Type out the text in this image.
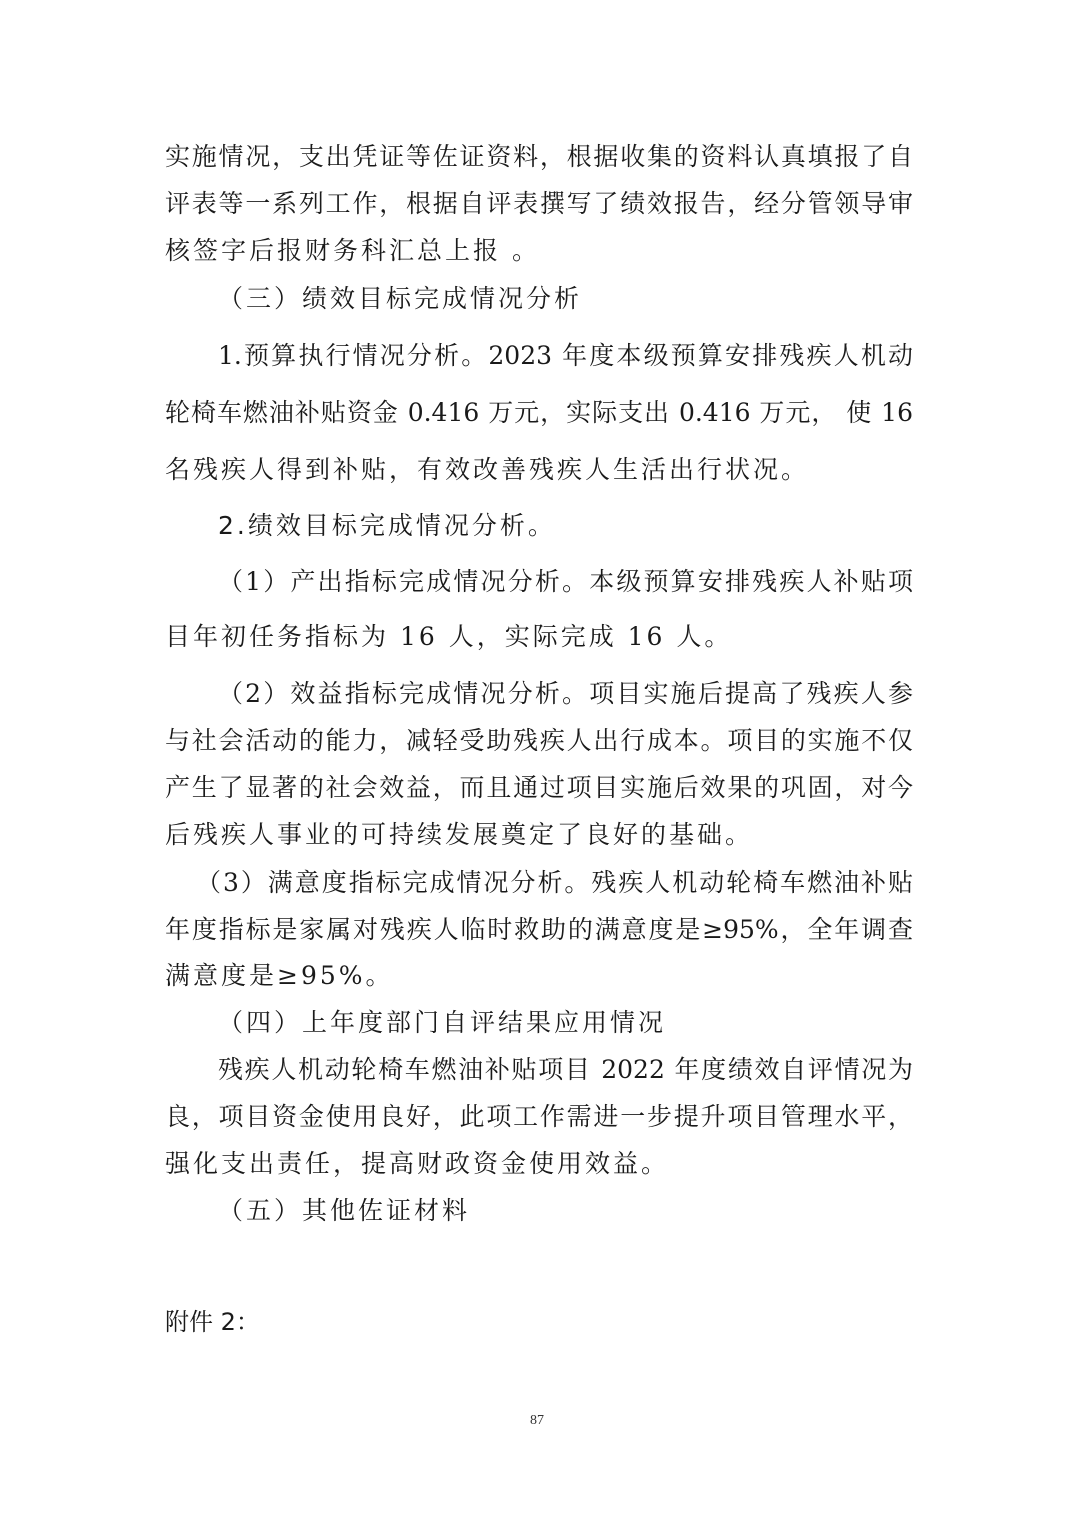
实施情况，支出凭证等佐证资料，根据收集的资料认真填报了自
评表等一系列工作，根据自评表撰写了绩效报告，经分管领导审
核签字后报财务科汇总上报 。
（三）绩效目标完成情况分析
1.预算执行情况分析。2023 年度本级预算安排残疾人机动
轮椅车燃油补贴资金 0.416 万元，实际支出 0.416 万元， 使 16
名残疾人得到补贴，有效改善残疾人生活出行状况。
2.绩效目标完成情况分析。
（1）产出指标完成情况分析。本级预算安排残疾人补贴项
目年初任务指标为 16 人，实际完成 16 人。
（2）效益指标完成情况分析。项目实施后提高了残疾人参
与社会活动的能力，减轻受助残疾人出行成本。项目的实施不仅
产生了显著的社会效益，而且通过项目实施后效果的巩固，对今
后残疾人事业的可持续发展奠定了良好的基础。
（3）满意度指标完成情况分析。残疾人机动轮椅车燃油补贴
年度指标是家属对残疾人临时救助的满意度是≥95%，全年调查
满意度是≥95%。
（四）上年度部门自评结果应用情况
残疾人机动轮椅车燃油补贴项目 2022 年度绩效自评情况为
良，项目资金使用良好，此项工作需进一步提升项目管理水平，
强化支出责任，提高财政资金使用效益。
（五）其他佐证材料
附件 2：
87
